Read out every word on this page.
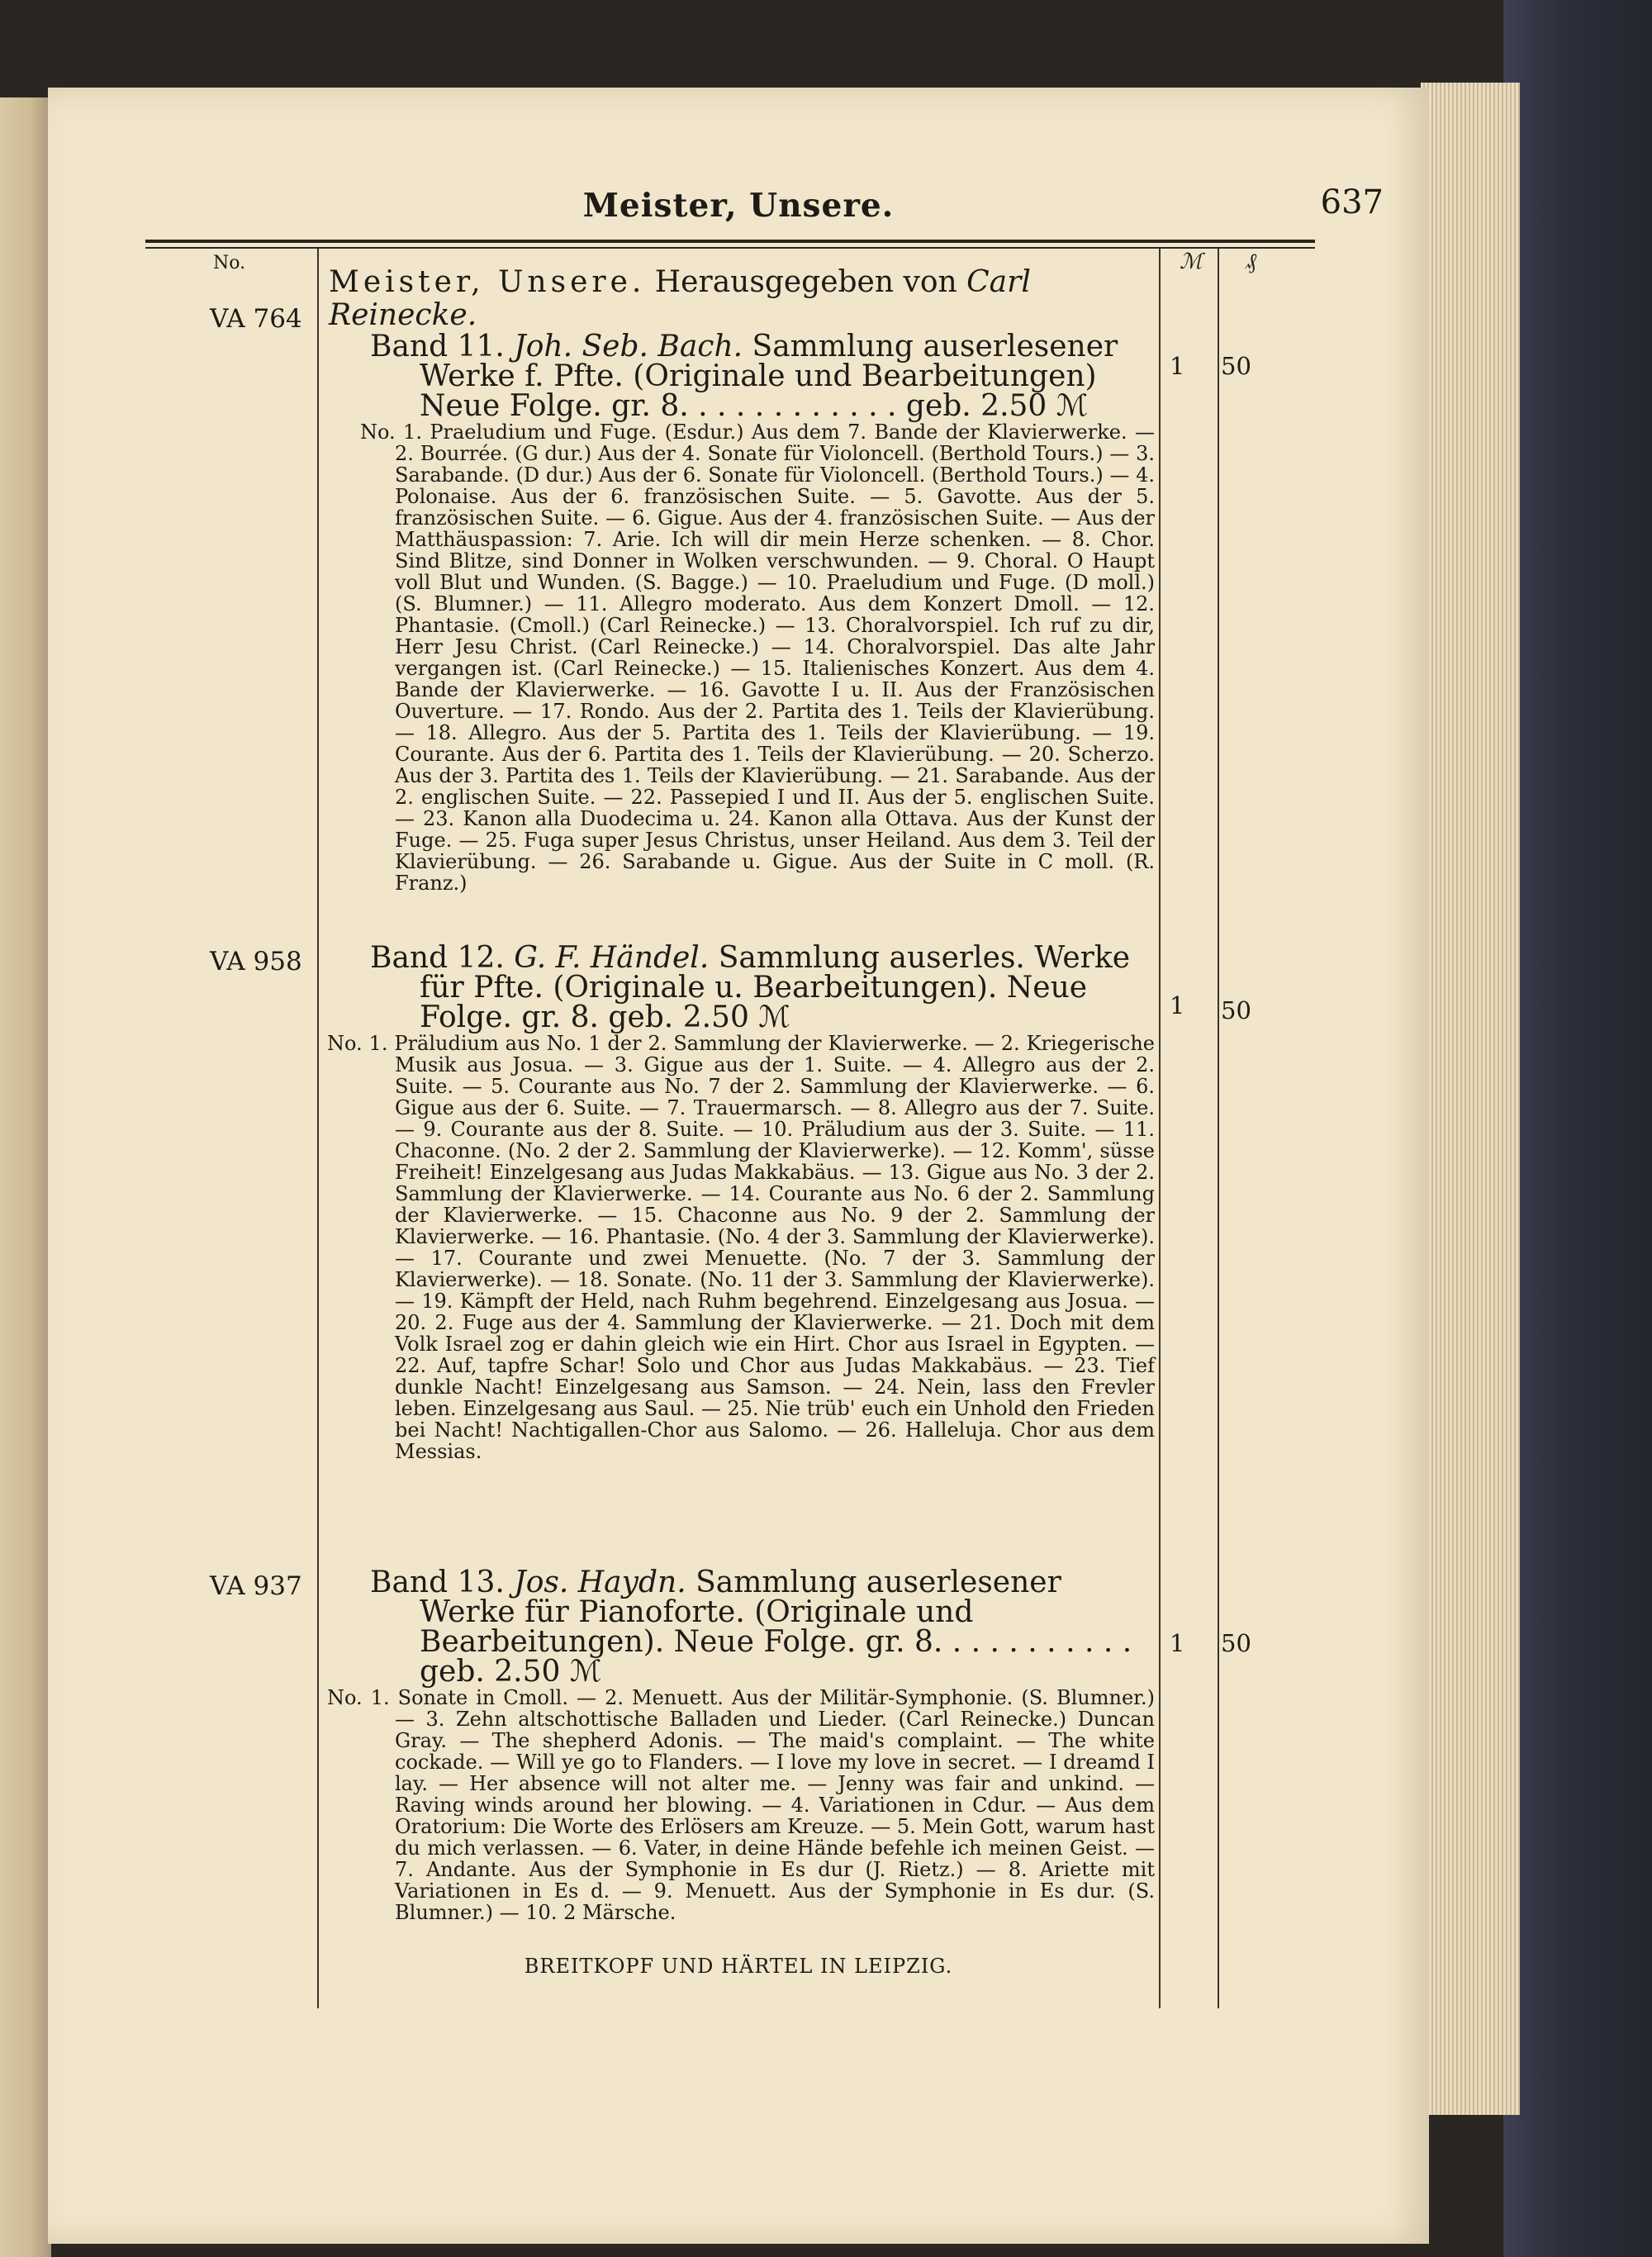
Meister, Unsere.	637
No.	ℳ ₰
VA 764
1 50
Meister, Unsere. Herausgegeben von Carl Reinecke.
Band 11. Joh. Seb. Bach. Sammlung auserlesener Werke f. Pfte. (Originale und Bearbeitungen) Neue Folge. gr. 8. . . . . . . . . . . . geb. 2.50 ℳ
No. 1. Praeludium und Fuge. (Esdur.) Aus dem 7. Bande der Klavierwerke. — 2. Bourrée. (G dur.) Aus der 4. Sonate für Violoncell. (Berthold Tours.) — 3. Sarabande. (D dur.) Aus der 6. Sonate für Violoncell. (Berthold Tours.) — 4. Polonaise. Aus der 6. französischen Suite. — 5. Gavotte. Aus der 5. französischen Suite. — 6. Gigue. Aus der 4. französischen Suite. — Aus der Matthäuspassion: 7. Arie. Ich will dir mein Herze schenken. — 8. Chor. Sind Blitze, sind Donner in Wolken verschwunden. — 9. Choral. O Haupt voll Blut und Wunden. (S. Bagge.) — 10. Praeludium und Fuge. (D moll.) (S. Blumner.) — 11. Allegro moderato. Aus dem Konzert Dmoll. — 12. Phantasie. (Cmoll.) (Carl Reinecke.) — 13. Choralvorspiel. Ich ruf zu dir, Herr Jesu Christ. (Carl Reinecke.) — 14. Choralvorspiel. Das alte Jahr vergangen ist. (Carl Reinecke.) — 15. Italienisches Konzert. Aus dem 4. Bande der Klavierwerke. — 16. Gavotte I u. II. Aus der Französischen Ouverture. — 17. Rondo. Aus der 2. Partita des 1. Teils der Klavierübung. — 18. Allegro. Aus der 5. Partita des 1. Teils der Klavierübung. — 19. Courante. Aus der 6. Partita des 1. Teils der Klavierübung. — 20. Scherzo. Aus der 3. Partita des 1. Teils der Klavierübung. — 21. Sarabande. Aus der 2. englischen Suite. — 22. Passepied I und II. Aus der 5. englischen Suite. — 23. Kanon alla Duodecima u. 24. Kanon alla Ottava. Aus der Kunst der Fuge. — 25. Fuga super Jesus Christus, unser Heiland. Aus dem 3. Teil der Klavierübung. — 26. Sarabande u. Gigue. Aus der Suite in C moll. (R. Franz.)
VA 958
1 50
Band 12. G. F. Händel. Sammlung auserles. Werke für Pfte. (Originale u. Bearbeitungen). Neue Folge. gr. 8. geb. 2.50 ℳ
No. 1. Präludium aus No. 1 der 2. Sammlung der Klavierwerke. — 2. Kriegerische Musik aus Josua. — 3. Gigue aus der 1. Suite. — 4. Allegro aus der 2. Suite. — 5. Courante aus No. 7 der 2. Sammlung der Klavierwerke. — 6. Gigue aus der 6. Suite. — 7. Trauermarsch. — 8. Allegro aus der 7. Suite. — 9. Courante aus der 8. Suite. — 10. Präludium aus der 3. Suite. — 11. Chaconne. (No. 2 der 2. Sammlung der Klavierwerke). — 12. Komm', süsse Freiheit! Einzelgesang aus Judas Makkabäus. — 13. Gigue aus No. 3 der 2. Sammlung der Klavierwerke. — 14. Courante aus No. 6 der 2. Sammlung der Klavierwerke. — 15. Chaconne aus No. 9 der 2. Sammlung der Klavierwerke. — 16. Phantasie. (No. 4 der 3. Sammlung der Klavierwerke). — 17. Courante und zwei Menuette. (No. 7 der 3. Sammlung der Klavierwerke). — 18. Sonate. (No. 11 der 3. Sammlung der Klavierwerke). — 19. Kämpft der Held, nach Ruhm begehrend. Einzelgesang aus Josua. — 20. 2. Fuge aus der 4. Sammlung der Klavierwerke. — 21. Doch mit dem Volk Israel zog er dahin gleich wie ein Hirt. Chor aus Israel in Egypten. — 22. Auf, tapfre Schar! Solo und Chor aus Judas Makkabäus. — 23. Tief dunkle Nacht! Einzelgesang aus Samson. — 24. Nein, lass den Frevler leben. Einzelgesang aus Saul. — 25. Nie trüb' euch ein Unhold den Frieden bei Nacht! Nachtigallen-Chor aus Salomo. — 26. Halleluja. Chor aus dem Messias.
VA 937
1 50
Band 13. Jos. Haydn. Sammlung auserlesener Werke für Pianoforte. (Originale und Bearbeitungen). Neue Folge. gr. 8. . . . . . . . . . . geb. 2.50 ℳ
No. 1. Sonate in Cmoll. — 2. Menuett. Aus der Militär-Symphonie. (S. Blumner.) — 3. Zehn altschottische Balladen und Lieder. (Carl Reinecke.) Duncan Gray. — The shepherd Adonis. — The maid's complaint. — The white cockade. — Will ye go to Flanders. — I love my love in secret. — I dreamd I lay. — Her absence will not alter me. — Jenny was fair and unkind. — Raving winds around her blowing. — 4. Variationen in Cdur. — Aus dem Oratorium: Die Worte des Erlösers am Kreuze. — 5. Mein Gott, warum hast du mich verlassen. — 6. Vater, in deine Hände befehle ich meinen Geist. — 7. Andante. Aus der Symphonie in Es dur (J. Rietz.) — 8. Ariette mit Variationen in Es d. — 9. Menuett. Aus der Symphonie in Es dur. (S. Blumner.) — 10. 2 Märsche.
BREITKOPF UND HÄRTEL IN LEIPZIG.
